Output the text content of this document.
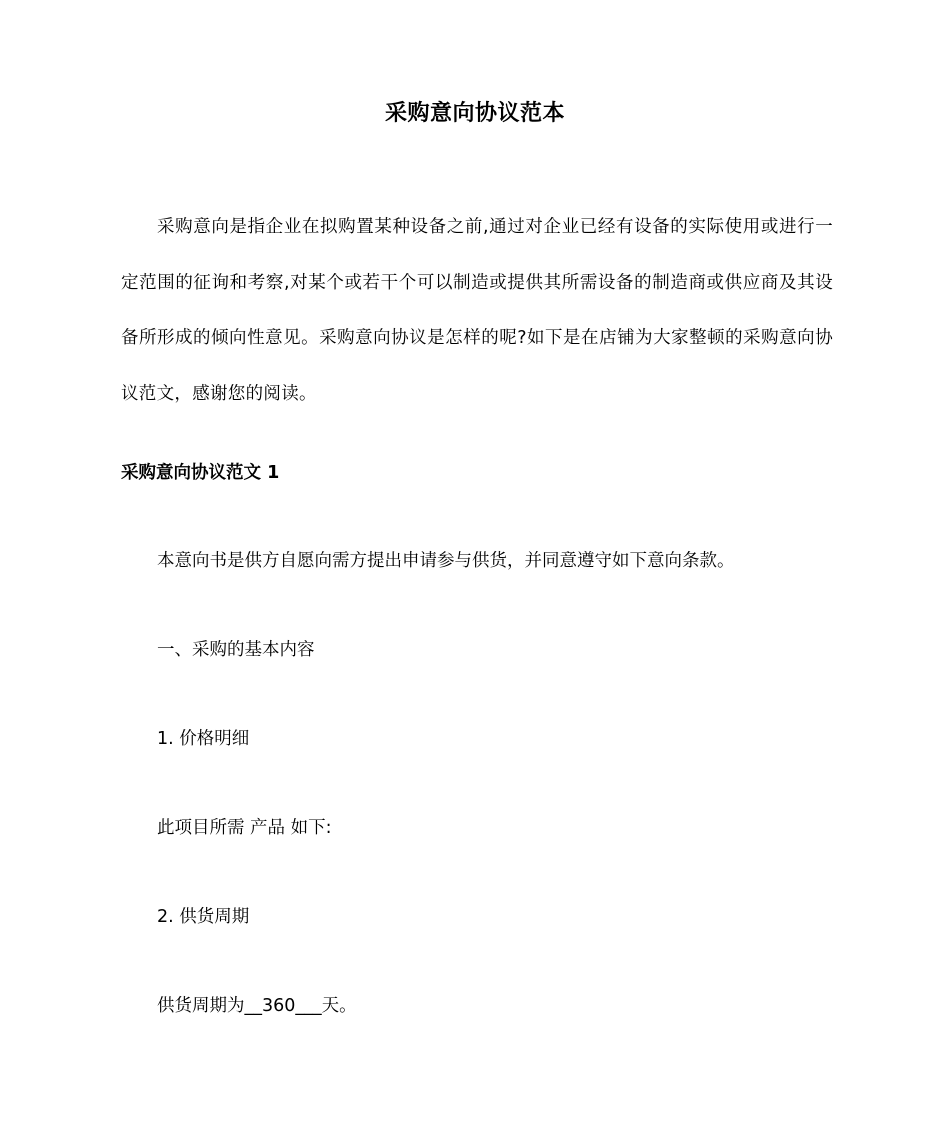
采购意向协议范本
采购意向是指企业在拟购置某种设备之前,通过对企业已经有设备的实际使用或进行一定范围的征询和考察,对某个或若干个可以制造或提供其所需设备的制造商或供应商及其设备所形成的倾向性意见。采购意向协议是怎样的呢?如下是在店铺为大家整顿的采购意向协议范文，感谢您的阅读。
采购意向协议范文 1
本意向书是供方自愿向需方提出申请参与供货，并同意遵守如下意向条款。
一、采购的基本内容
1. 价格明细
此项目所需 产品 如下:
2. 供货周期
供货周期为__360___天。
